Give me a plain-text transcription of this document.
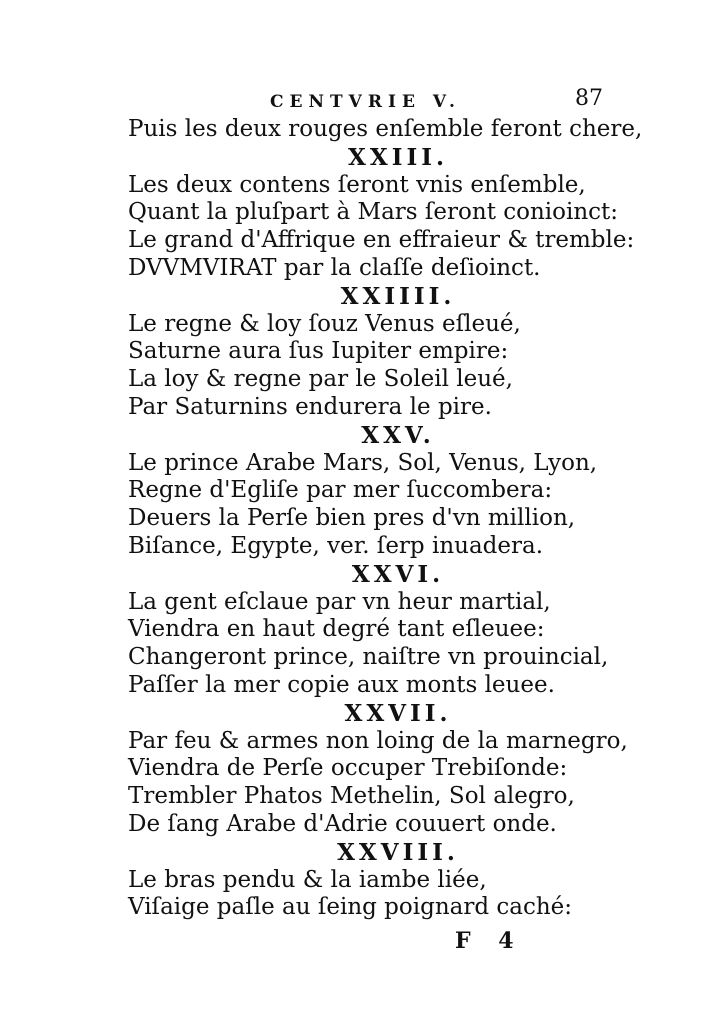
CENTVRIE V.	87
Puis les deux rouges enſemble feront chere,
XXIII.
Les deux contens ſeront vnis enſemble,
Quant la pluſpart à Mars ſeront conioinct:
Le grand d'Affrique en effraieur & tremble:
DVVMVIRAT par la claſſe deſioinct.
XXIIII.
Le regne & loy ſouz Venus eſleué,
Saturne aura ſus Iupiter empire:
La loy & regne par le Soleil leué,
Par Saturnins endurera le pire.
XXV.
Le prince Arabe Mars, Sol, Venus, Lyon,
Regne d'Egliſe par mer ſuccombera:
Deuers la Perſe bien pres d'vn million,
Biſance, Egypte, ver. ſerp inuadera.
XXVI.
La gent eſclaue par vn heur martial,
Viendra en haut degré tant eſleuee:
Changeront prince, naiſtre vn prouincial,
Paſſer la mer copie aux monts leuee.
XXVII.
Par feu & armes non loing de la marnegro,
Viendra de Perſe occuper Trebiſonde:
Trembler Phatos Methelin, Sol alegro,
De ſang Arabe d'Adrie couuert onde.
XXVIII.
Le bras pendu & la iambe liée,
Viſaige paſle au ſeing poignard caché:
F 4
